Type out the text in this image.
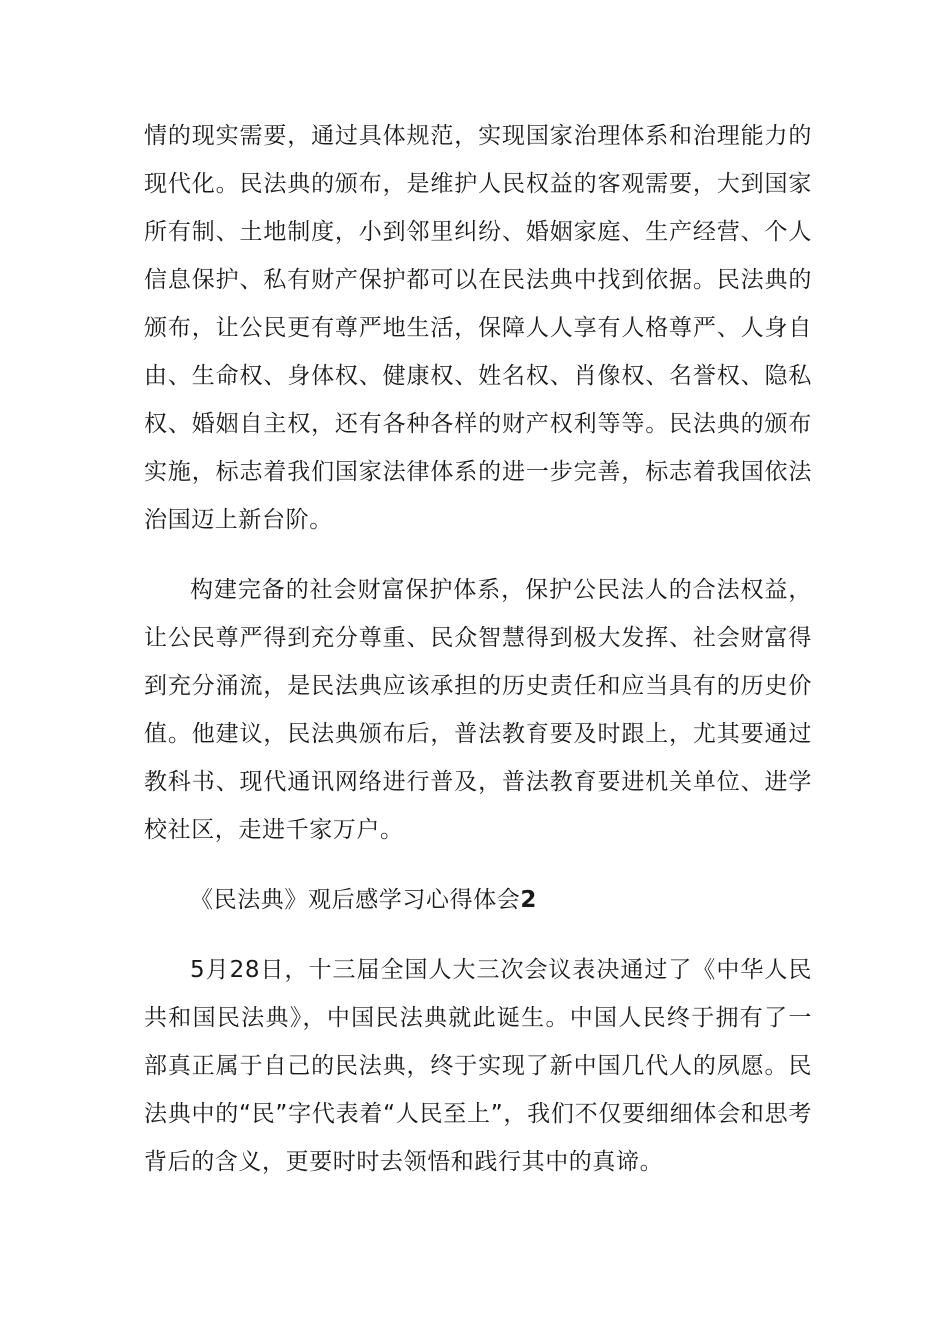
情的现实需要，通过具体规范，实现国家治理体系和治理能力的现代化。民法典的颁布，是维护人民权益的客观需要，大到国家所有制、土地制度，小到邻里纠纷、婚姻家庭、生产经营、个人信息保护、私有财产保护都可以在民法典中找到依据。民法典的颁布，让公民更有尊严地生活，保障人人享有人格尊严、人身自由、生命权、身体权、健康权、姓名权、肖像权、名誉权、隐私权、婚姻自主权，还有各种各样的财产权利等等。民法典的颁布实施，标志着我们国家法律体系的进一步完善，标志着我国依法治国迈上新台阶。

构建完备的社会财富保护体系，保护公民法人的合法权益，让公民尊严得到充分尊重、民众智慧得到极大发挥、社会财富得到充分涌流，是民法典应该承担的历史责任和应当具有的历史价值。他建议，民法典颁布后，普法教育要及时跟上，尤其要通过教科书、现代通讯网络进行普及，普法教育要进机关单位、进学校社区，走进千家万户。

《民法典》观后感学习心得体会2

5月28日，十三届全国人大三次会议表决通过了《中华人民共和国民法典》，中国民法典就此诞生。中国人民终于拥有了一部真正属于自己的民法典，终于实现了新中国几代人的夙愿。民法典中的“民”字代表着“人民至上”，我们不仅要细细体会和思考背后的含义，更要时时去领悟和践行其中的真谛。
